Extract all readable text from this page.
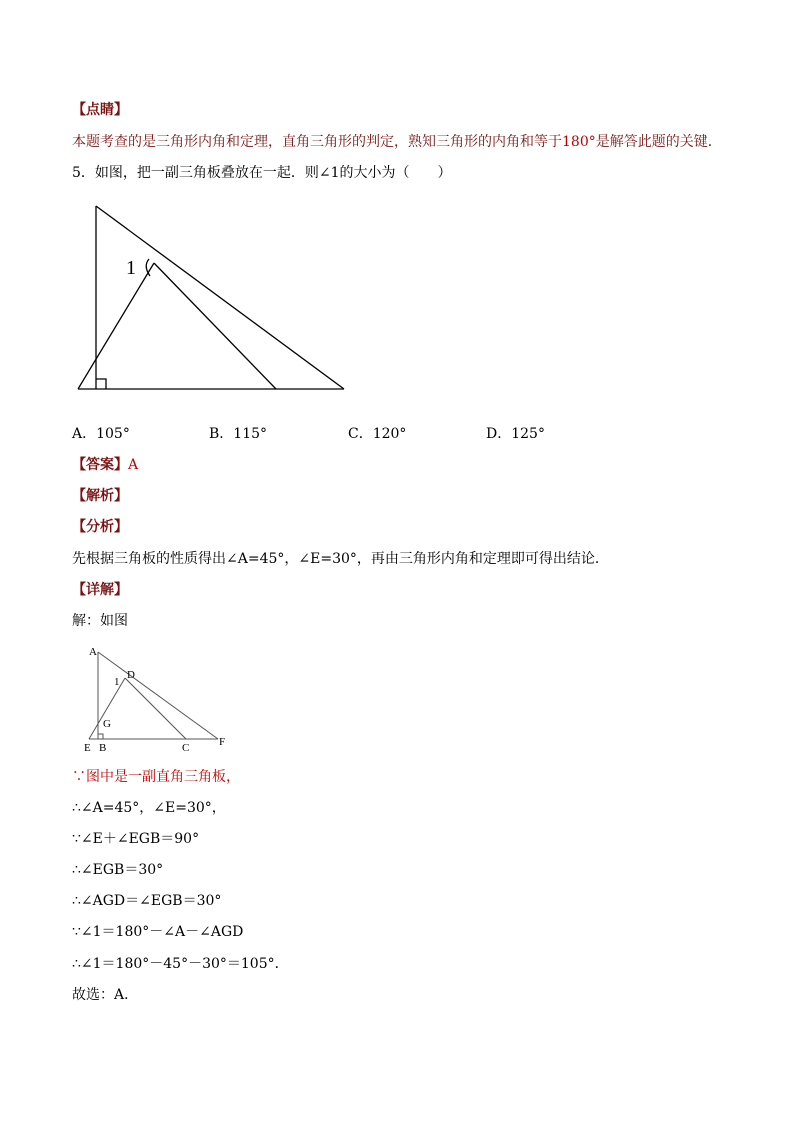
【点睛】
本题考查的是三角形内角和定理，直角三角形的判定，熟知三角形的内角和等于180°是解答此题的关键．
5．如图，把一副三角板叠放在一起．则∠1的大小为（　　）
1
A．105°	B．115°	C．120°	D．125°
【答案】A
【解析】
【分析】
先根据三角板的性质得出∠A=45°，∠E=30°，再由三角形内角和定理即可得出结论．
【详解】
解：如图
A
D
1
G
E B	C	F
∵图中是一副直角三角板，
∴∠A=45°，∠E=30°，
∵∠E＋∠EGB＝90°
∴∠EGB＝30°
∴∠AGD＝∠EGB＝30°
∵∠1＝180°－∠A－∠AGD
∴∠1＝180°－45°－30°＝105°．
故选：A．
